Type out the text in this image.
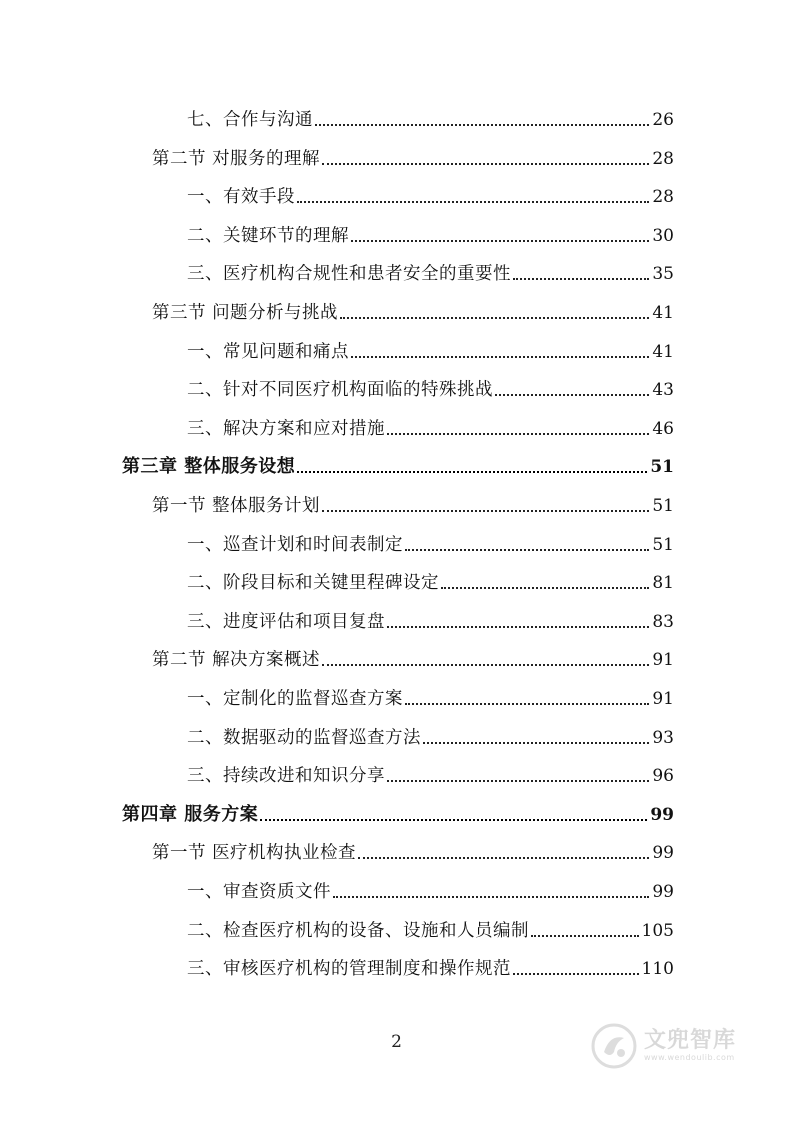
七、合作与沟通	26
第二节 对服务的理解	28
一、有效手段	28
二、关键环节的理解	30
三、医疗机构合规性和患者安全的重要性	35
第三节 问题分析与挑战	41
一、常见问题和痛点	41
二、针对不同医疗机构面临的特殊挑战	43
三、解决方案和应对措施	46
第三章 整体服务设想	51
第一节 整体服务计划	51
一、巡查计划和时间表制定	51
二、阶段目标和关键里程碑设定	81
三、进度评估和项目复盘	83
第二节 解决方案概述	91
一、定制化的监督巡查方案	91
二、数据驱动的监督巡查方法	93
三、持续改进和知识分享	96
第四章 服务方案	99
第一节 医疗机构执业检查	99
一、审查资质文件	99
二、检查医疗机构的设备、设施和人员编制	105
三、审核医疗机构的管理制度和操作规范	110
2	文兜智库
www.wendoulib.com
